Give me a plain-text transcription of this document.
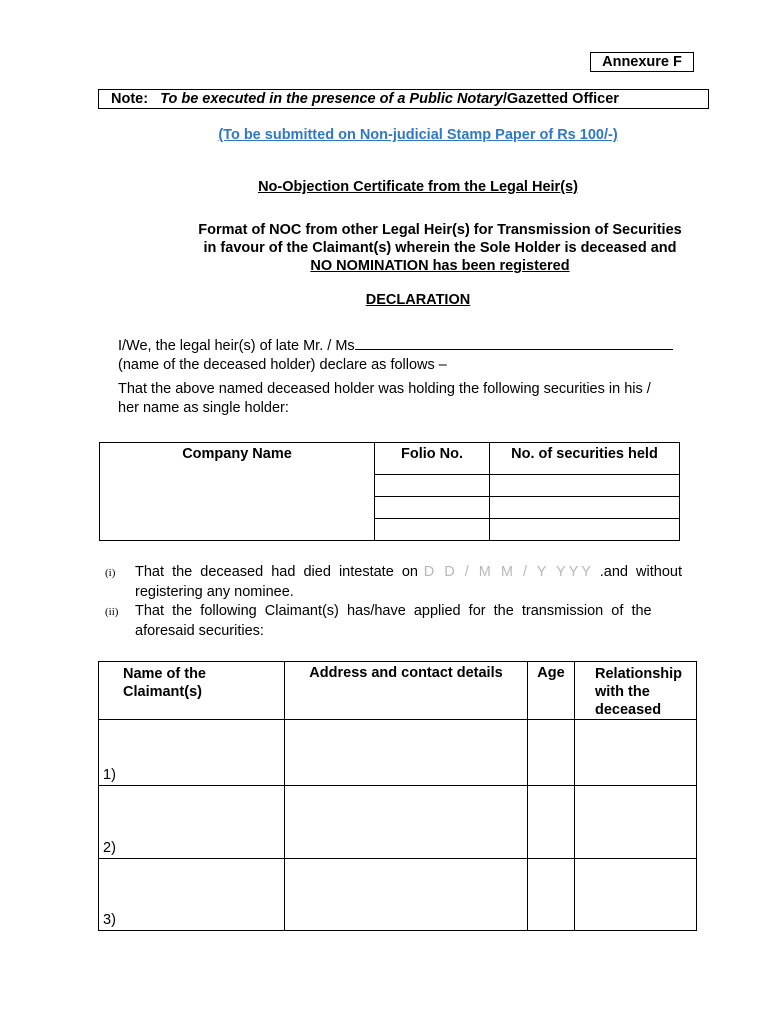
Annexure F
Note: To be executed in the presence of a Public Notary/Gazetted Officer
(To be submitted on Non-judicial Stamp Paper of Rs 100/-)
No-Objection Certificate from the Legal Heir(s)
Format of NOC from other Legal Heir(s) for Transmission of Securities
in favour of the Claimant(s) wherein the Sole Holder is deceased and
NO NOMINATION has been registered
DECLARATION
I/We, the legal heir(s) of late Mr. / Ms
(name of the deceased holder) declare as follows –
That the above named deceased holder was holding the following securities in his /
her name as single holder:
Company Name	Folio No.	No. of securities held

(i) That  the  deceased  had  died  intestate  on D D / M M / Y YYY .and  without
registering any nominee.
(ii) That  the  following  Claimant(s)  has/have  applied  for  the  transmission  of  the
aforesaid securities:
Name of the Claimant(s)	Address and contact details	Age	Relationship with the deceased

1)			

2)			

3)			
